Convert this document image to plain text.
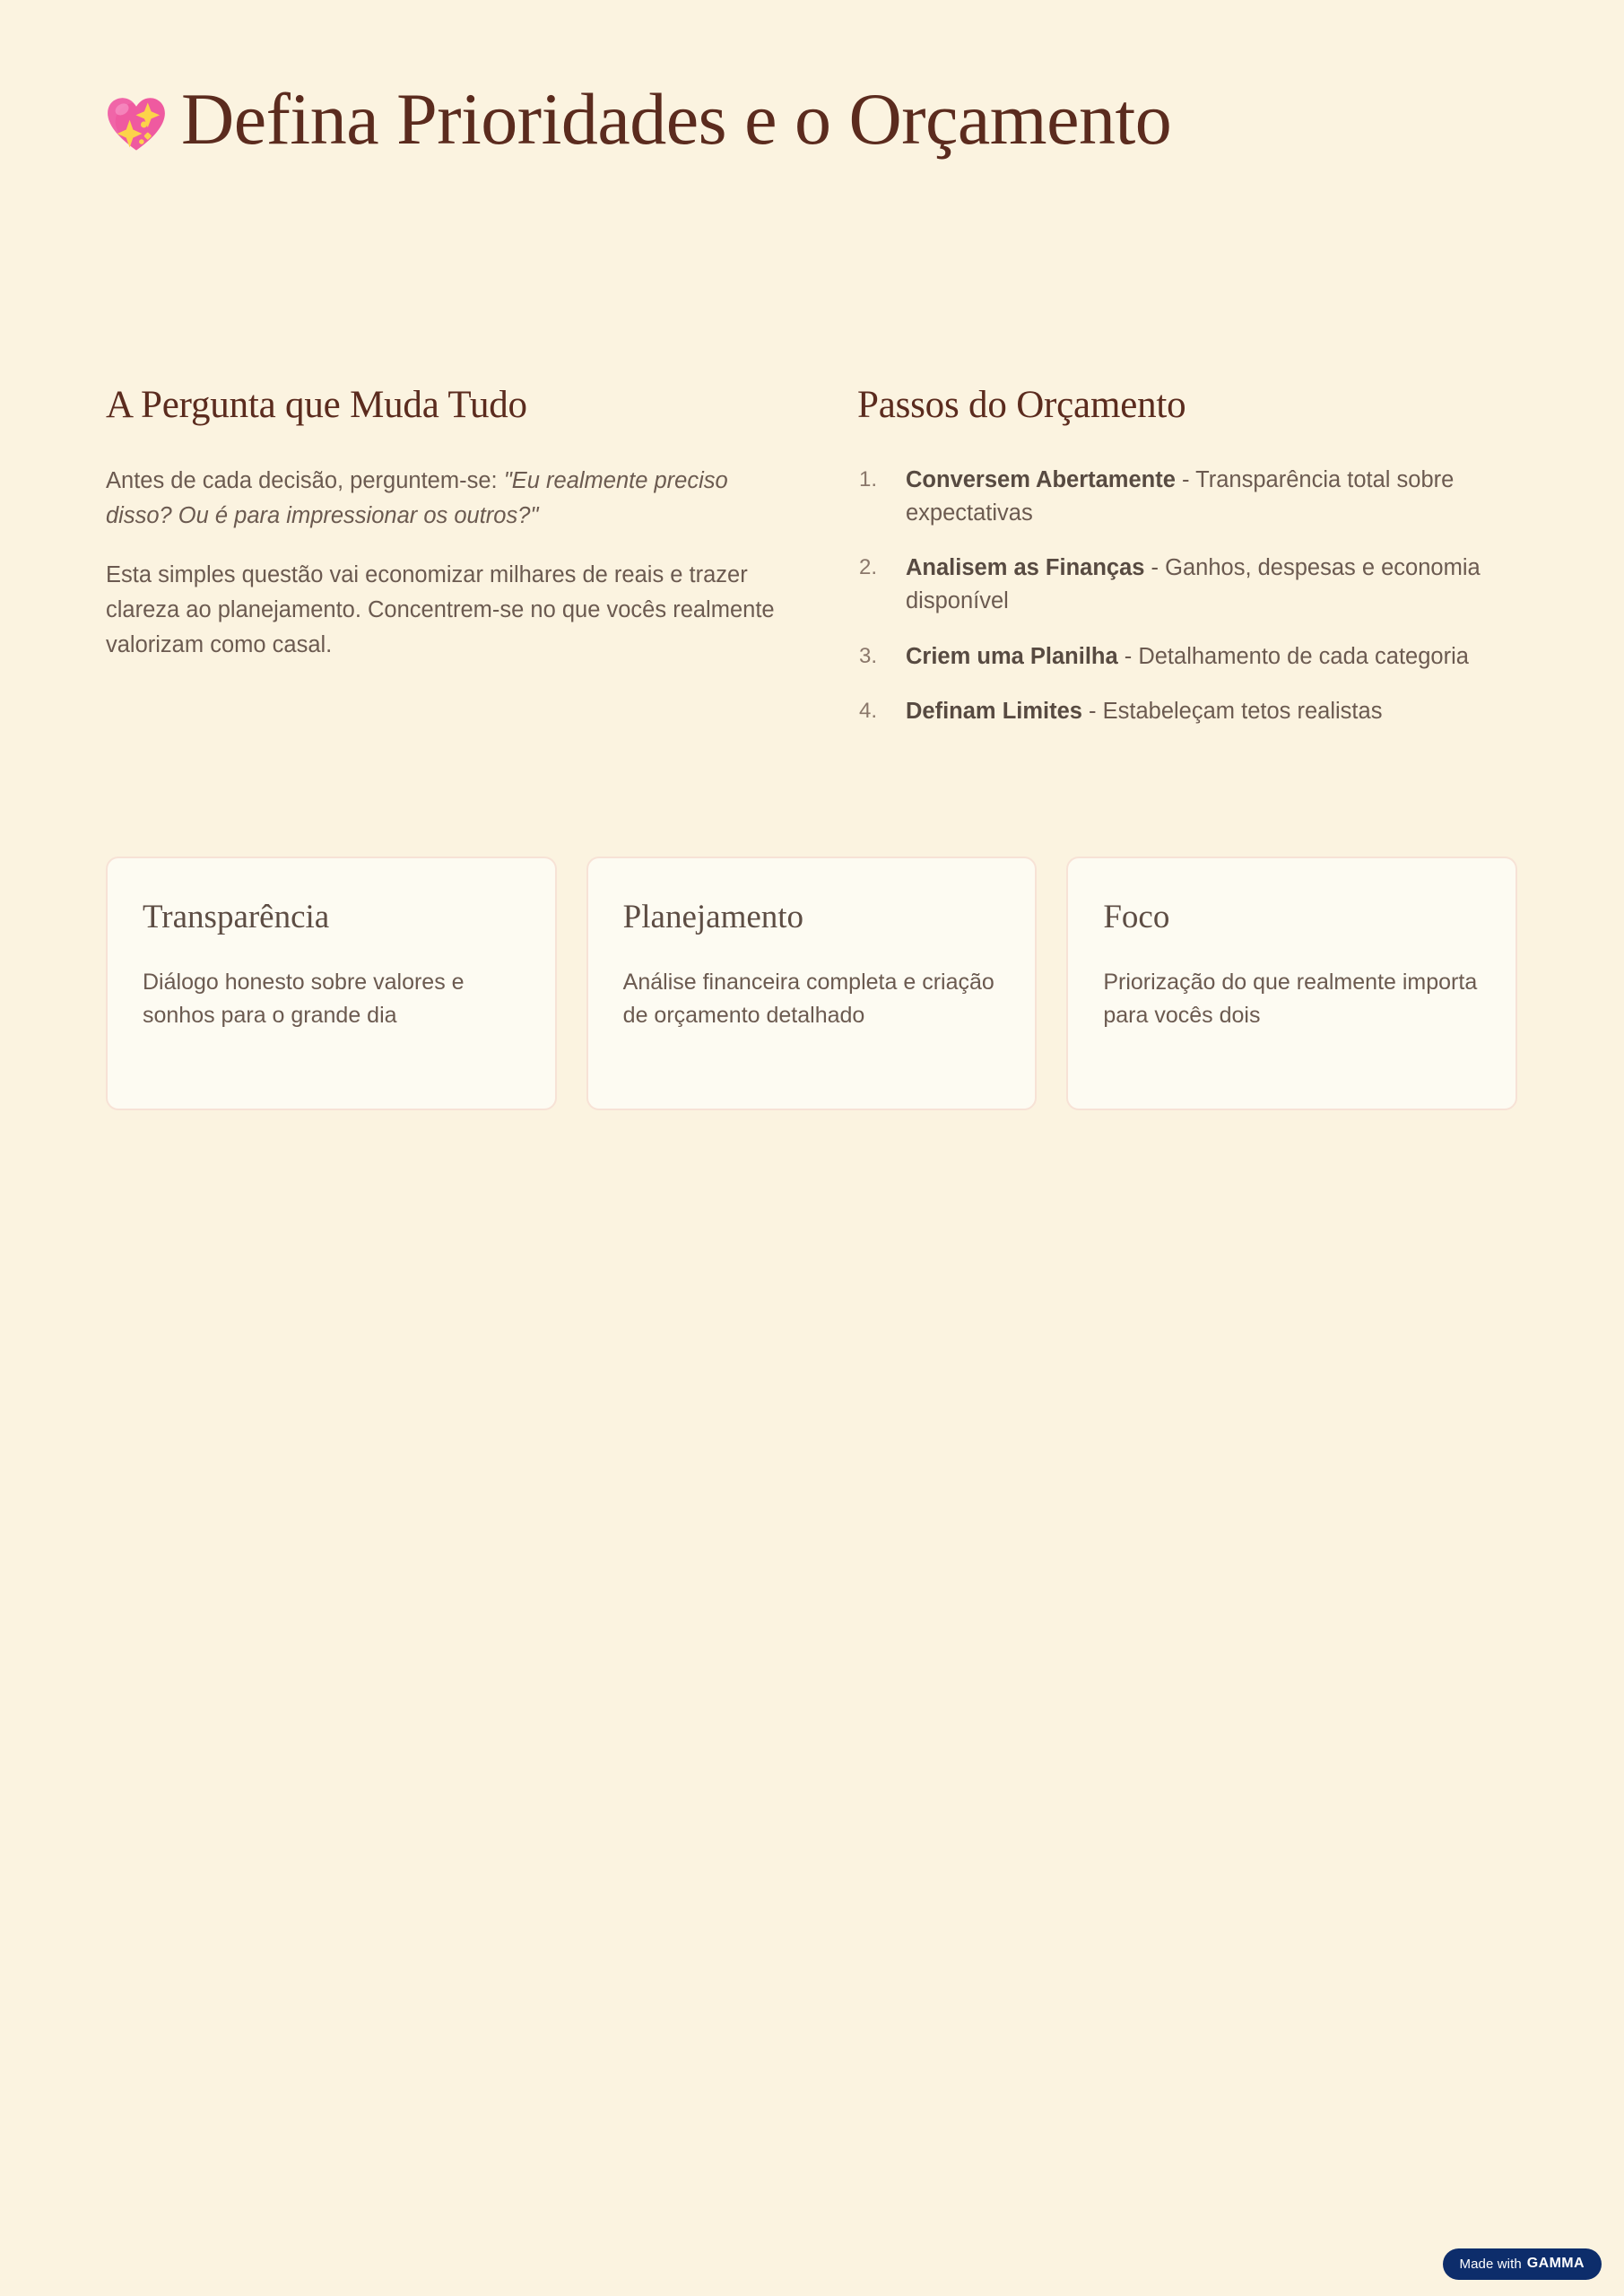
Defina Prioridades e o Orçamento
A Pergunta que Muda Tudo

Antes de cada decisão, perguntem-se: "Eu realmente preciso disso? Ou é para impressionar os outros?"

Esta simples questão vai economizar milhares de reais e trazer clareza ao planejamento. Concentrem-se no que vocês realmente valorizam como casal.

Passos do Orçamento
Conversem Abertamente - Transparência total sobre expectativas
Analisem as Finanças - Ganhos, despesas e economia disponível
Criem uma Planilha - Detalhamento de cada categoria
Definam Limites - Estabeleçam tetos realistas
Transparência
Diálogo honesto sobre valores e sonhos para o grande dia
Planejamento
Análise financeira completa e criação de orçamento detalhado
Foco
Priorização do que realmente importa para vocês dois
Made with GAMMA
